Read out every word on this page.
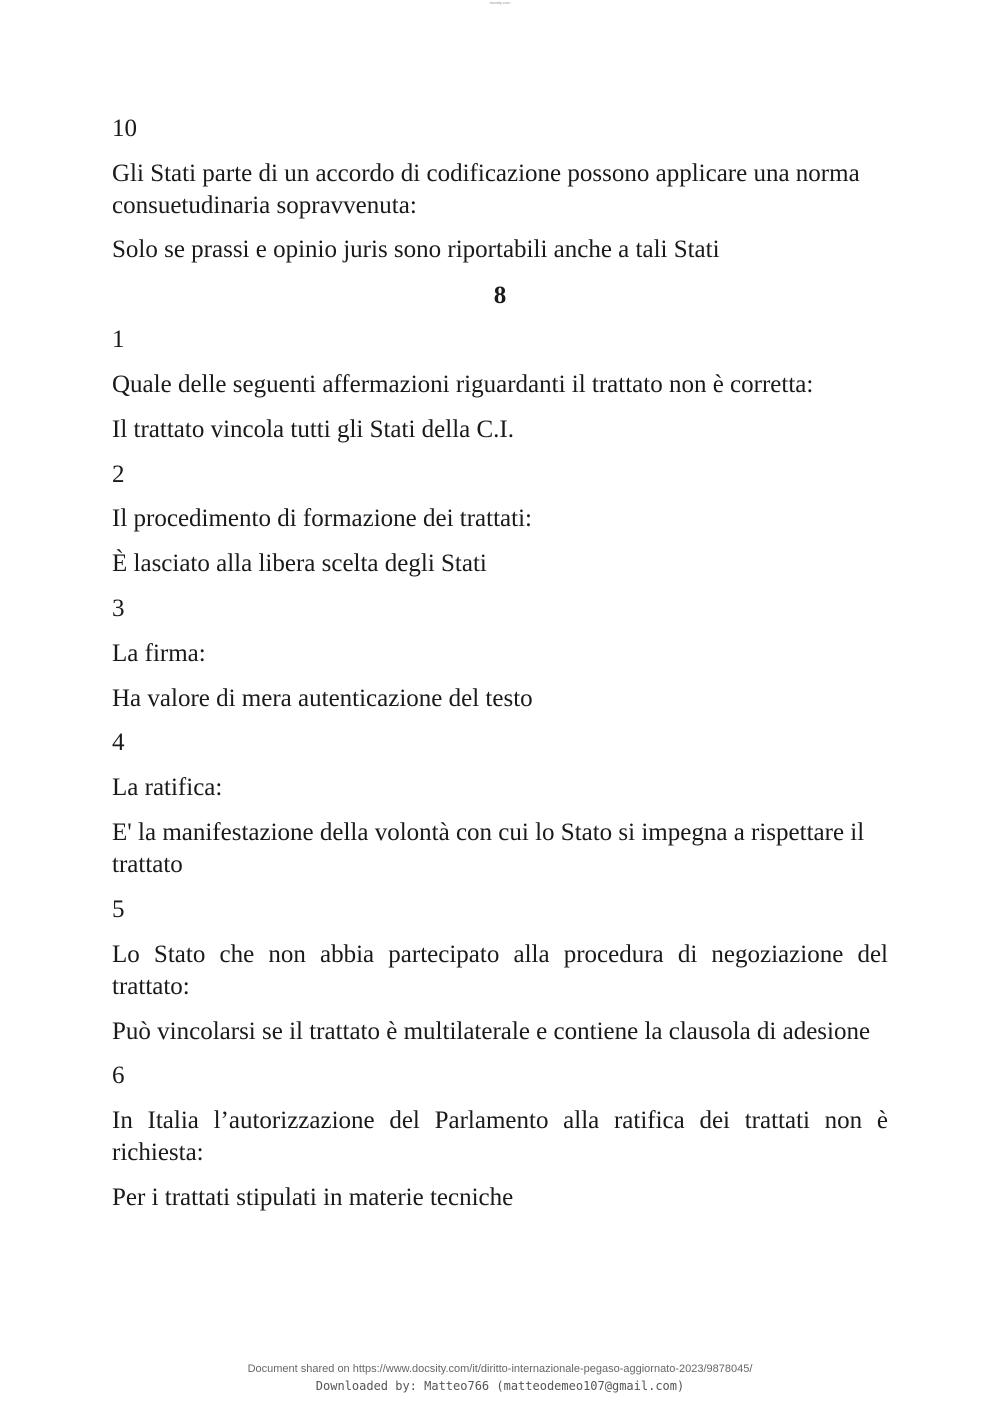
docsity.com
10
Gli Stati parte di un accordo di codificazione possono applicare una norma consuetudinaria sopravvenuta:
Solo se prassi e opinio juris sono riportabili anche a tali Stati
8
1
Quale delle seguenti affermazioni riguardanti il trattato non è corretta:
Il trattato vincola tutti gli Stati della C.I.
2
Il procedimento di formazione dei trattati:
È lasciato alla libera scelta degli Stati
3
La firma:
Ha valore di mera autenticazione del testo
4
La ratifica:
E' la manifestazione della volontà con cui lo Stato si impegna a rispettare il trattato
5
Lo Stato che non abbia partecipato alla procedura di negoziazione del trattato:
Può vincolarsi se il trattato è multilaterale e contiene la clausola di adesione
6
In Italia l’autorizzazione del Parlamento alla ratifica dei trattati non è richiesta:
Per i trattati stipulati in materie tecniche
Document shared on https://www.docsity.com/it/diritto-internazionale-pegaso-aggiornato-2023/9878045/
Downloaded by: Matteo766 (matteodemeo107@gmail.com)
